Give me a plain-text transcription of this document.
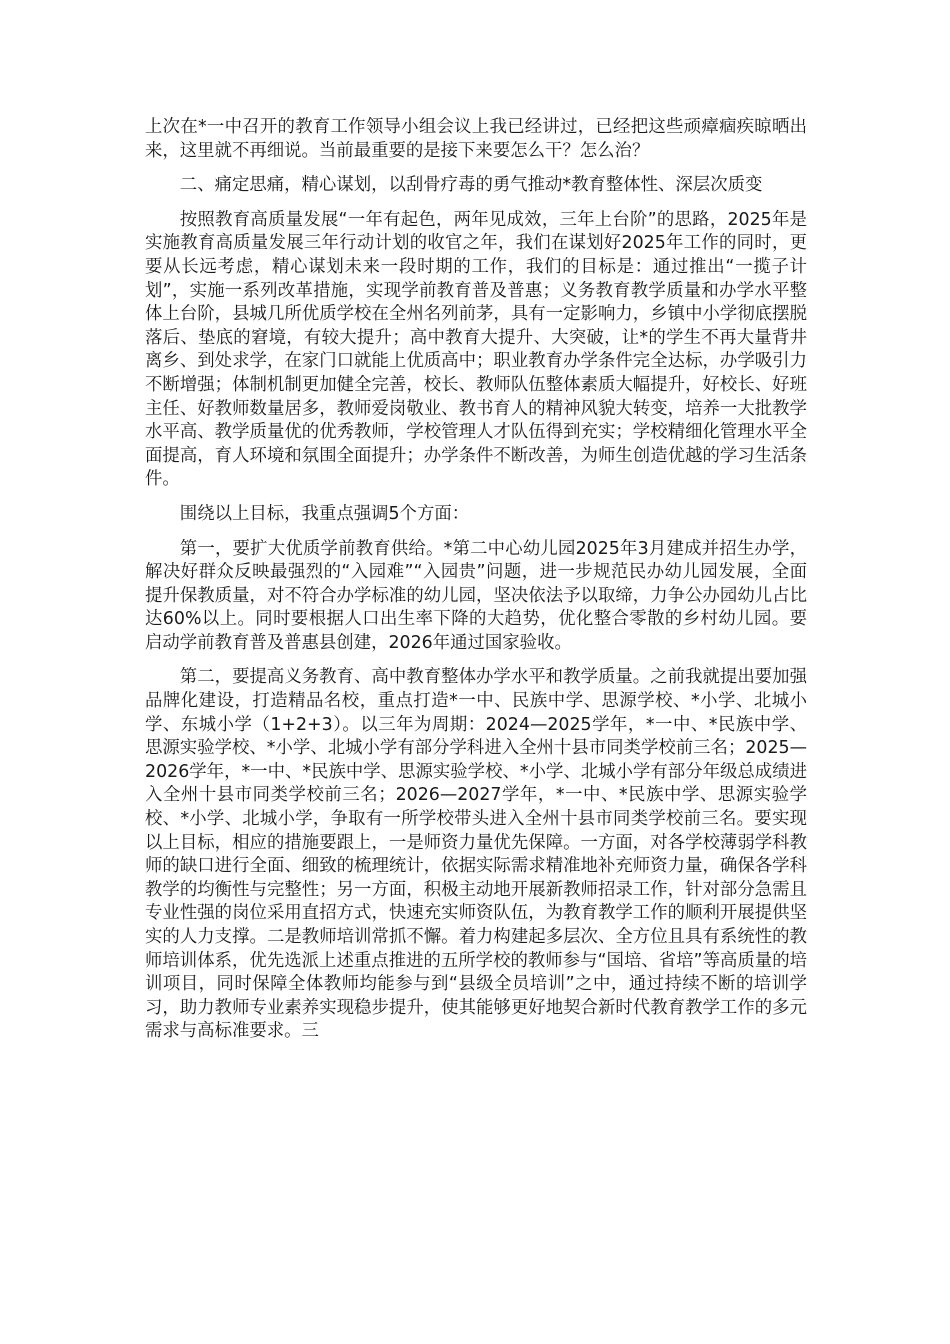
上次在*一中召开的教育工作领导小组会议上我已经讲过，已经把这些顽瘴痼疾晾晒出来，这里就不再细说。当前最重要的是接下来要怎么干？怎么治？

二、痛定思痛，精心谋划，以刮骨疗毒的勇气推动*教育整体性、深层次质变

按照教育高质量发展“一年有起色，两年见成效，三年上台阶”的思路，2025年是实施教育高质量发展三年行动计划的收官之年，我们在谋划好2025年工作的同时，更要从长远考虑，精心谋划未来一段时期的工作，我们的目标是：通过推出“一揽子计划”，实施一系列改革措施，实现学前教育普及普惠；义务教育教学质量和办学水平整体上台阶，县城几所优质学校在全州名列前茅，具有一定影响力，乡镇中小学彻底摆脱落后、垫底的窘境，有较大提升；高中教育大提升、大突破，让*的学生不再大量背井离乡、到处求学，在家门口就能上优质高中；职业教育办学条件完全达标，办学吸引力不断增强；体制机制更加健全完善，校长、教师队伍整体素质大幅提升，好校长、好班主任、好教师数量居多，教师爱岗敬业、教书育人的精神风貌大转变，培养一大批教学水平高、教学质量优的优秀教师，学校管理人才队伍得到充实；学校精细化管理水平全面提高，育人环境和氛围全面提升；办学条件不断改善，为师生创造优越的学习生活条件。

围绕以上目标，我重点强调5个方面：

第一，要扩大优质学前教育供给。*第二中心幼儿园2025年3月建成并招生办学，解决好群众反映最强烈的“入园难”“入园贵”问题，进一步规范民办幼儿园发展，全面提升保教质量，对不符合办学标准的幼儿园，坚决依法予以取缔，力争公办园幼儿占比达60%以上。同时要根据人口出生率下降的大趋势，优化整合零散的乡村幼儿园。要启动学前教育普及普惠县创建，2026年通过国家验收。

第二，要提高义务教育、高中教育整体办学水平和教学质量。之前我就提出要加强品牌化建设，打造精品名校，重点打造*一中、民族中学、思源学校、*小学、北城小学、东城小学（1+2+3）。以三年为周期：2024—2025学年，*一中、*民族中学、思源实验学校、*小学、北城小学有部分学科进入全州十县市同类学校前三名；2025—2026学年，*一中、*民族中学、思源实验学校、*小学、北城小学有部分年级总成绩进入全州十县市同类学校前三名；2026—2027学年，*一中、*民族中学、思源实验学校、*小学、北城小学，争取有一所学校带头进入全州十县市同类学校前三名。要实现以上目标，相应的措施要跟上，一是师资力量优先保障。一方面，对各学校薄弱学科教师的缺口进行全面、细致的梳理统计，依据实际需求精准地补充师资力量，确保各学科教学的均衡性与完整性；另一方面，积极主动地开展新教师招录工作，针对部分急需且专业性强的岗位采用直招方式，快速充实师资队伍，为教育教学工作的顺利开展提供坚实的人力支撑。二是教师培训常抓不懈。着力构建起多层次、全方位且具有系统性的教师培训体系，优先选派上述重点推进的五所学校的教师参与“国培、省培”等高质量的培训项目，同时保障全体教师均能参与到“县级全员培训”之中，通过持续不断的培训学习，助力教师专业素养实现稳步提升，使其能够更好地契合新时代教育教学工作的多元需求与高标准要求。三
